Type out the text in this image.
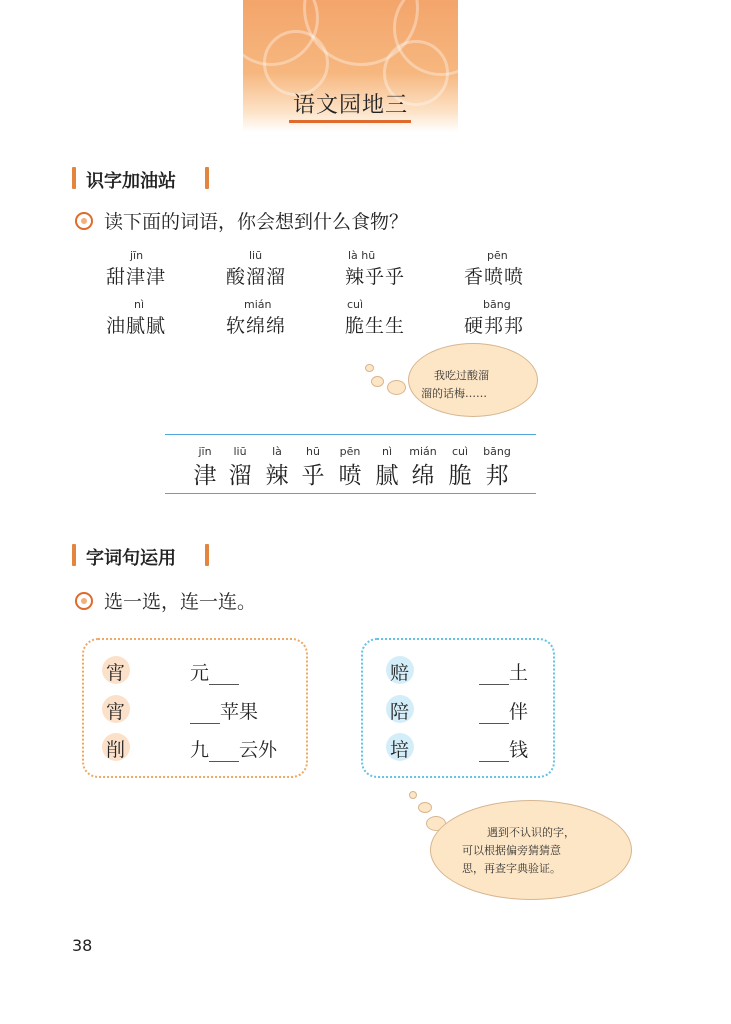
语文园地三
识字加油站
读下面的词语，你会想到什么食物？
jīn
甜津津
liū
酸溜溜
là hū
辣乎乎
pēn
香喷喷
nì
油腻腻
mián
软绵绵
cuì
脆生生
bāng
硬邦邦
我吃过酸溜
溜的话梅……
jīn
津
liū
溜
là
辣
hū
乎
pēn
喷
nì
腻
mián
绵
cuì
脆
bāng
邦
字词句运用
选一选，连一连。
宵
宵
削
元
苹果
九 云外
赔
陪
培
土
伴
钱
遇到不认识的字，
可以根据偏旁猜猜意
思，再查字典验证。
38
